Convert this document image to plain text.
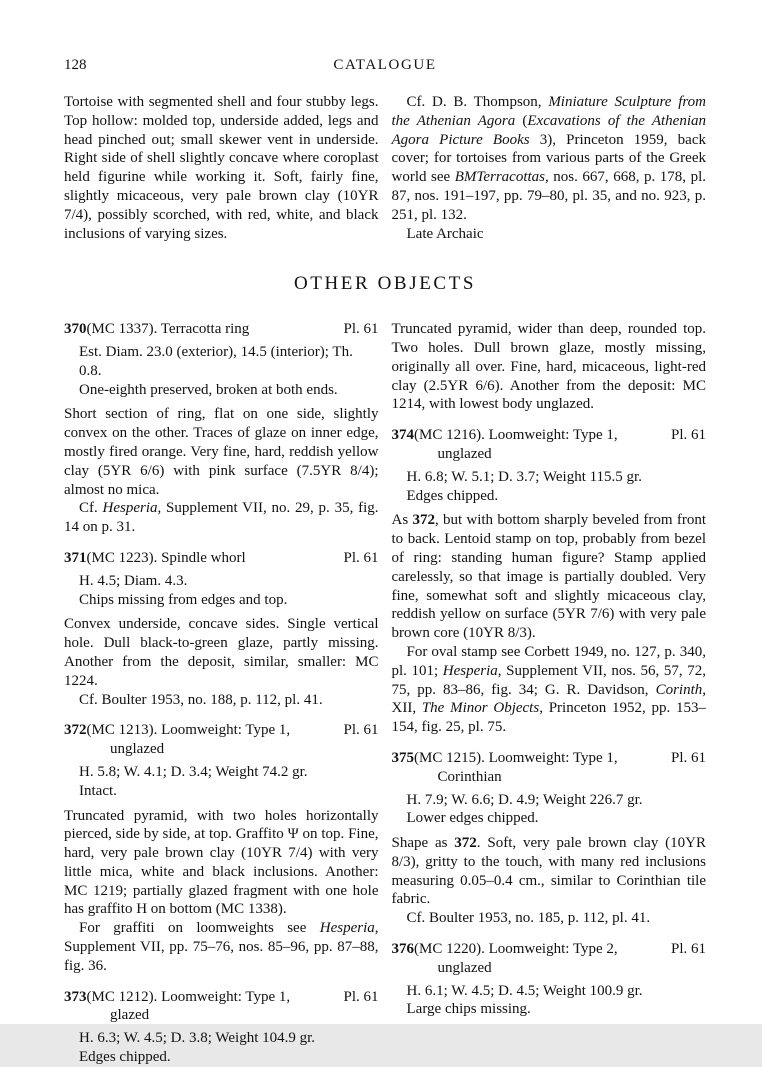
128	CATALOGUE
Tortoise with segmented shell and four stubby legs. Top hollow: molded top, underside added, legs and head pinched out; small skewer vent in underside. Right side of shell slightly concave where coroplast held figurine while working it. Soft, fairly fine, slightly micaceous, very pale brown clay (10YR 7/4), possibly scorched, with red, white, and black inclusions of varying sizes.
Cf. D. B. Thompson, Miniature Sculpture from the Athenian Agora (Excavations of the Athenian Agora Picture Books 3), Princeton 1959, back cover; for tortoises from various parts of the Greek world see BMTerracottas, nos. 667, 668, p. 178, pl. 87, nos. 191–197, pp. 79–80, pl. 35, and no. 923, p. 251, pl. 132.
Late Archaic
OTHER OBJECTS
370 (MC 1337). Terracotta ring	Pl. 61
Est. Diam. 23.0 (exterior), 14.5 (interior); Th. 0.8.
One-eighth preserved, broken at both ends.
Short section of ring, flat on one side, slightly convex on the other. Traces of glaze on inner edge, mostly fired orange. Very fine, hard, reddish yellow clay (5YR 6/6) with pink surface (7.5YR 8/4); almost no mica.
Cf. Hesperia, Supplement VII, no. 29, p. 35, fig. 14 on p. 31.
371 (MC 1223). Spindle whorl	Pl. 61
H. 4.5; Diam. 4.3.
Chips missing from edges and top.
Convex underside, concave sides. Single vertical hole. Dull black-to-green glaze, partly missing. Another from the deposit, similar, smaller: MC 1224.
Cf. Boulter 1953, no. 188, p. 112, pl. 41.
372 (MC 1213). Loomweight: Type 1,	Pl. 61
unglazed
H. 5.8; W. 4.1; D. 3.4; Weight 74.2 gr.
Intact.
Truncated pyramid, with two holes horizontally pierced, side by side, at top. Graffito Ψ on top. Fine, hard, very pale brown clay (10YR 7/4) with very little mica, white and black inclusions. Another: MC 1219; partially glazed fragment with one hole has graffito Η on bottom (MC 1338).
For graffiti on loomweights see Hesperia, Supplement VII, pp. 75–76, nos. 85–96, pp. 87–88, fig. 36.
373 (MC 1212). Loomweight: Type 1,	Pl. 61
glazed
H. 6.3; W. 4.5; D. 3.8; Weight 104.9 gr.
Edges chipped.
Truncated pyramid, wider than deep, rounded top. Two holes. Dull brown glaze, mostly missing, originally all over. Fine, hard, micaceous, light-red clay (2.5YR 6/6). Another from the deposit: MC 1214, with lowest body unglazed.
374 (MC 1216). Loomweight: Type 1,	Pl. 61
unglazed
H. 6.8; W. 5.1; D. 3.7; Weight 115.5 gr.
Edges chipped.
As 372, but with bottom sharply beveled from front to back. Lentoid stamp on top, probably from bezel of ring: standing human figure? Stamp applied carelessly, so that image is partially doubled. Very fine, somewhat soft and slightly micaceous clay, reddish yellow on surface (5YR 7/6) with very pale brown core (10YR 8/3).
For oval stamp see Corbett 1949, no. 127, p. 340, pl. 101; Hesperia, Supplement VII, nos. 56, 57, 72, 75, pp. 83–86, fig. 34; G. R. Davidson, Corinth, XII, The Minor Objects, Princeton 1952, pp. 153–154, fig. 25, pl. 75.
375 (MC 1215). Loomweight: Type 1,	Pl. 61
Corinthian
H. 7.9; W. 6.6; D. 4.9; Weight 226.7 gr.
Lower edges chipped.
Shape as 372. Soft, very pale brown clay (10YR 8/3), gritty to the touch, with many red inclusions measuring 0.05–0.4 cm., similar to Corinthian tile fabric.
Cf. Boulter 1953, no. 185, p. 112, pl. 41.
376 (MC 1220). Loomweight: Type 2,	Pl. 61
unglazed
H. 6.1; W. 4.5; D. 4.5; Weight 100.9 gr.
Large chips missing.
